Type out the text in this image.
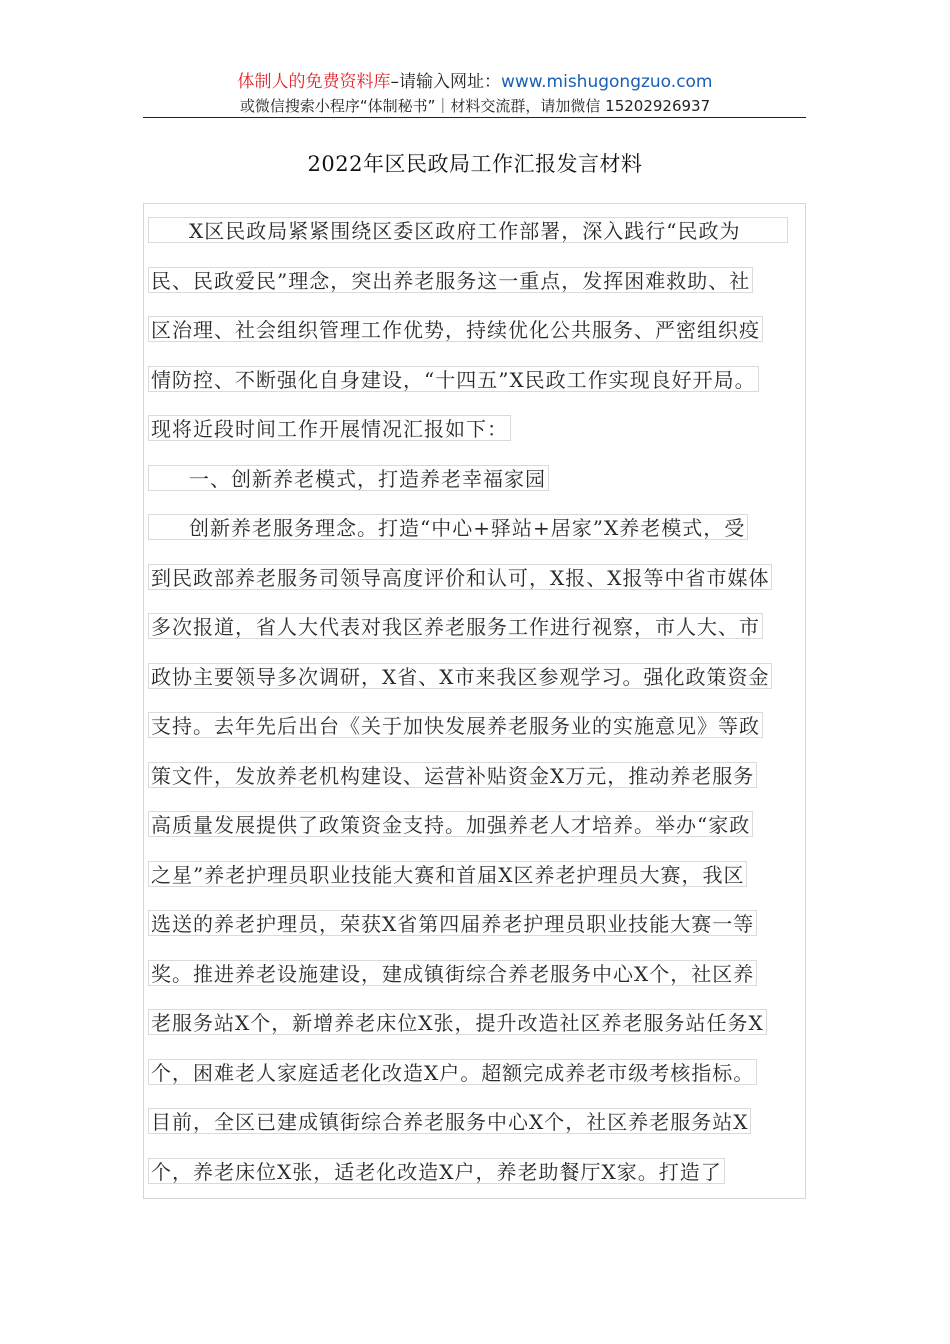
体制人的免费资料库–请输入网址：www.mishugongzuo.com
或微信搜索小程序“体制秘书”｜材料交流群，请加微信 15202926937
2022年区民政局工作汇报发言材料
X区民政局紧紧围绕区委区政府工作部署，深入践行“民政为
民、民政爱民”理念，突出养老服务这一重点，发挥困难救助、社
区治理、社会组织管理工作优势，持续优化公共服务、严密组织疫
情防控、不断强化自身建设，“十四五”X民政工作实现良好开局。
现将近段时间工作开展情况汇报如下：
一、创新养老模式，打造养老幸福家园
创新养老服务理念。打造“中心+驿站+居家”X养老模式，受
到民政部养老服务司领导高度评价和认可，X报、X报等中省市媒体
多次报道，省人大代表对我区养老服务工作进行视察，市人大、市
政协主要领导多次调研，X省、X市来我区参观学习。强化政策资金
支持。去年先后出台《关于加快发展养老服务业的实施意见》等政
策文件，发放养老机构建设、运营补贴资金X万元，推动养老服务
高质量发展提供了政策资金支持。加强养老人才培养。举办“家政
之星”养老护理员职业技能大赛和首届X区养老护理员大赛，我区
选送的养老护理员，荣获X省第四届养老护理员职业技能大赛一等
奖。推进养老设施建设，建成镇街综合养老服务中心X个，社区养
老服务站X个，新增养老床位X张，提升改造社区养老服务站任务X
个，困难老人家庭适老化改造X户。超额完成养老市级考核指标。
目前，全区已建成镇街综合养老服务中心X个，社区养老服务站X
个，养老床位X张，适老化改造X户，养老助餐厅X家。打造了
